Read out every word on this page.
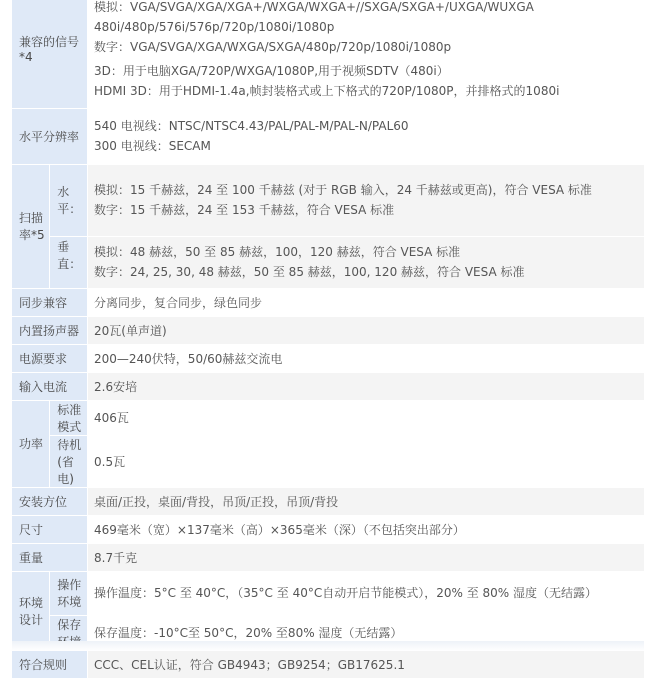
兼容的信号*4		模拟：VGA/SVGA/XGA/XGA+/WXGA/WXGA+//SXGA/SXGA+/UXGA/WUXGA
480i/480p/576i/576p/720p/1080i/1080p
数字：VGA/SVGA/XGA/WXGA/SXGA/480p/720p/1080i/1080p
3D：用于电脑XGA/720P/WXGA/1080P,用于视频SDTV（480i）
HDMI 3D：用于HDMI-1.4a,帧封装格式或上下格式的720P/1080P，并排格式的1080i

水平分辨率		540 电视线：NTSC/NTSC4.43/PAL/PAL-M/PAL-N/PAL60
300 电视线：SECAM

扫描率*5	水平：	模拟：15 千赫兹，24 至 100 千赫兹 (对于 RGB 输入，24 千赫兹或更高)，符合 VESA 标准
数字：15 千赫兹，24 至 153 千赫兹，符合 VESA 标准

	垂直：	模拟：48 赫兹，50 至 85 赫兹，100，120 赫兹，符合 VESA 标准
数字：24, 25, 30, 48 赫兹，50 至 85 赫兹，100, 120 赫兹，符合 VESA 标准

同步兼容		分离同步，复合同步，绿色同步
内置扬声器		20瓦(单声道)
电源要求		200—240伏特，50/60赫兹交流电
输入电流		2.6安培
功率	标准模式	406瓦
	待机(省电)	0.5瓦
安装方位		桌面/正投，桌面/背投，吊顶/正投，吊顶/背投
尺寸		469毫米（宽）×137毫米（高）×365毫米（深）（不包括突出部分）
重量		8.7千克
环境设计	操作环境	操作温度：5°C 至 40°C，（35°C 至 40°C自动开启节能模式），20% 至 80% 湿度（无结露）

	保存	保存温度：-10°C至 50°C，20% 至80% 湿度（无结露）
符合规则		CCC、CEL认证，符合 GB4943；GB9254；GB17625.1
